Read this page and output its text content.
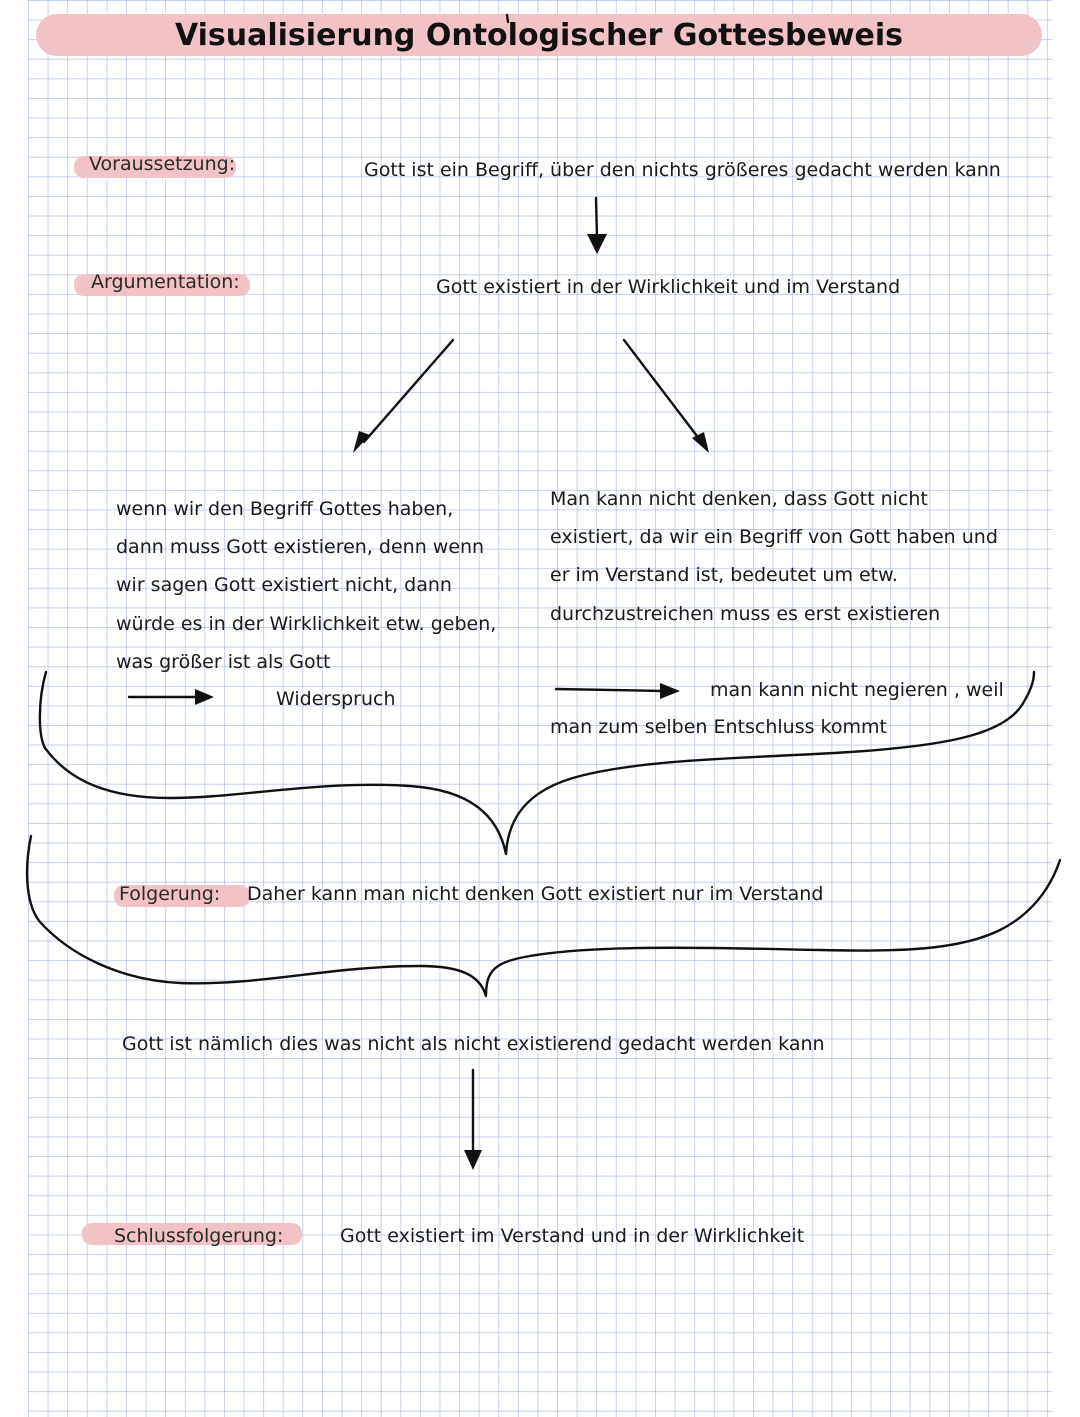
Visualisierung Ontologischer Gottesbeweis
Voraussetzung:	Gott ist ein Begriff, über den nichts größeres gedacht werden kann
Argumentation:	Gott existiert in der Wirklichkeit und im Verstand
wenn wir den Begriff Gottes haben,
dann muss Gott existieren, denn wenn
wir sagen Gott existiert nicht, dann
würde es in der Wirklichkeit etw. geben,
was größer ist als Gott
Widerspruch
Man kann nicht denken, dass Gott nicht
existiert, da wir ein Begriff von Gott haben und
er im Verstand ist, bedeutet um etw.
durchzustreichen muss es erst existieren
man kann nicht negieren , weil
man zum selben Entschluss kommt
Folgerung: Daher kann man nicht denken Gott existiert nur im Verstand
Gott ist nämlich dies was nicht als nicht existierend gedacht werden kann
Schlussfolgerung:	Gott existiert im Verstand und in der Wirklichkeit
